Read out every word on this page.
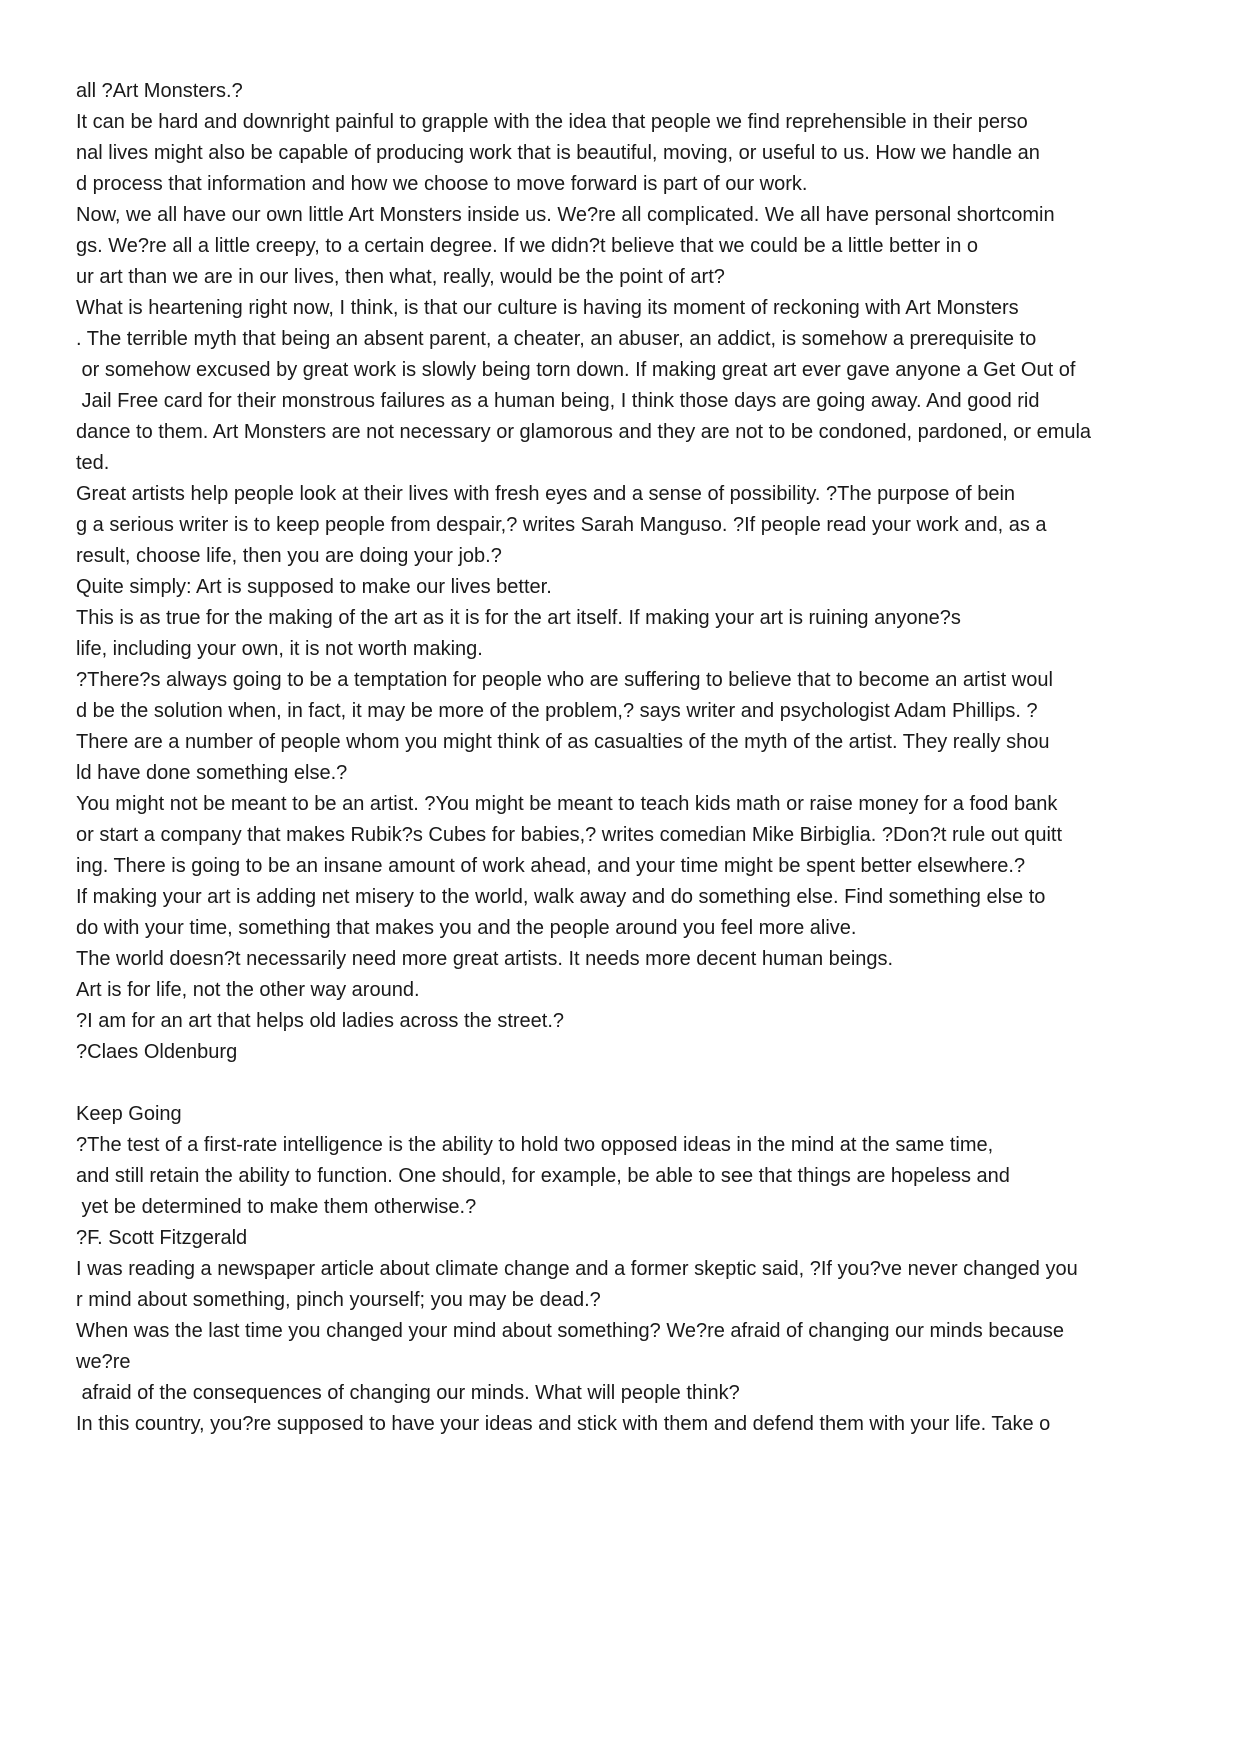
all ?Art Monsters.?
It can be hard and downright painful to grapple with the idea that people we find reprehensible in their perso
nal lives might also be capable of producing work that is beautiful, moving, or useful to us. How we handle an
d process that information and how we choose to move forward is part of our work.
Now, we all have our own little Art Monsters inside us. We?re all complicated. We all have personal shortcomin
gs. We?re all a little creepy, to a certain degree. If we didn?t believe that we could be a little better in o
ur art than we are in our lives, then what, really, would be the point of art?
What is heartening right now, I think, is that our culture is having its moment of reckoning with Art Monsters
. The terrible myth that being an absent parent, a cheater, an abuser, an addict, is somehow a prerequisite to
or somehow excused by great work is slowly being torn down. If making great art ever gave anyone a Get Out of
Jail Free card for their monstrous failures as a human being, I think those days are going away. And good rid
dance to them. Art Monsters are not necessary or glamorous and they are not to be condoned, pardoned, or emula
ted.
Great artists help people look at their lives with fresh eyes and a sense of possibility. ?The purpose of bein
g a serious writer is to keep people from despair,? writes Sarah Manguso. ?If people read your work and, as a
result, choose life, then you are doing your job.?
Quite simply: Art is supposed to make our lives better.
This is as true for the making of the art as it is for the art itself. If making your art is ruining anyone?s
life, including your own, it is not worth making.
?There?s always going to be a temptation for people who are suffering to believe that to become an artist woul
d be the solution when, in fact, it may be more of the problem,? says writer and psychologist Adam Phillips. ?
There are a number of people whom you might think of as casualties of the myth of the artist. They really shou
ld have done something else.?
You might not be meant to be an artist. ?You might be meant to teach kids math or raise money for a food bank
or start a company that makes Rubik?s Cubes for babies,? writes comedian Mike Birbiglia. ?Don?t rule out quitt
ing. There is going to be an insane amount of work ahead, and your time might be spent better elsewhere.?
If making your art is adding net misery to the world, walk away and do something else. Find something else to
do with your time, something that makes you and the people around you feel more alive.
The world doesn?t necessarily need more great artists. It needs more decent human beings.
Art is for life, not the other way around.
?I am for an art that helps old ladies across the street.?
?Claes Oldenburg
Keep Going
?The test of a first-rate intelligence is the ability to hold two opposed ideas in the mind at the same time,
and still retain the ability to function. One should, for example, be able to see that things are hopeless and
yet be determined to make them otherwise.?
?F. Scott Fitzgerald
I was reading a newspaper article about climate change and a former skeptic said, ?If you?ve never changed you
r mind about something, pinch yourself; you may be dead.?
When was the last time you changed your mind about something? We?re afraid of changing our minds because
we?re
afraid of the consequences of changing our minds. What will people think?
In this country, you?re supposed to have your ideas and stick with them and defend them with your life. Take o
